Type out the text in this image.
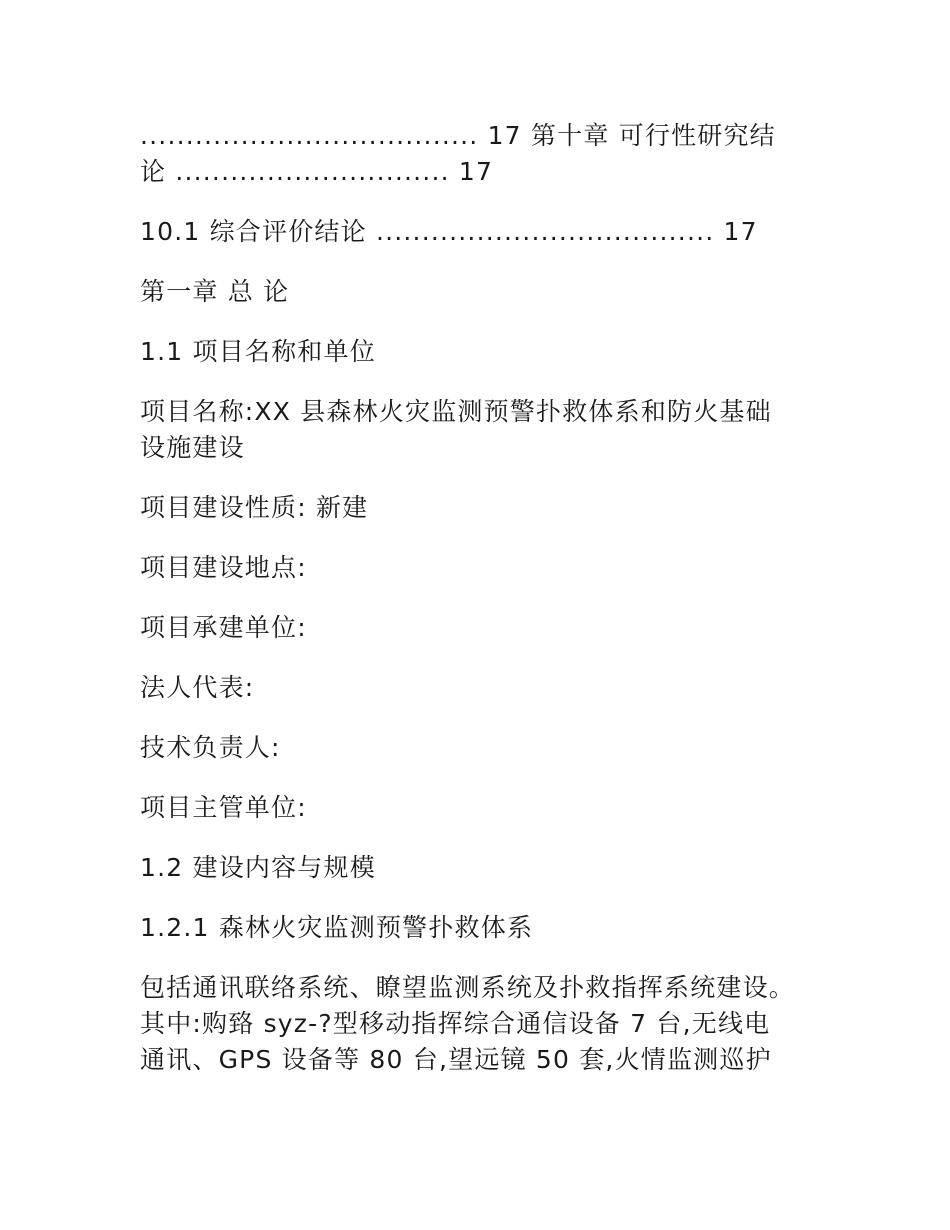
..................................... 17 第十章 可行性研究结
论 .............................. 17
10.1 综合评价结论 ..................................... 17
第一章 总 论
1.1 项目名称和单位
项目名称:XX 县森林火灾监测预警扑救体系和防火基础
设施建设
项目建设性质: 新建
项目建设地点:
项目承建单位:
法人代表:
技术负责人:
项目主管单位:
1.2 建设内容与规模
1.2.1 森林火灾监测预警扑救体系
包括通讯联络系统、瞭望监测系统及扑救指挥系统建设。
其中:购臵 syz-?型移动指挥综合通信设备 7 台,无线电
通讯、GPS 设备等 80 台,望远镜 50 套,火情监测巡护
